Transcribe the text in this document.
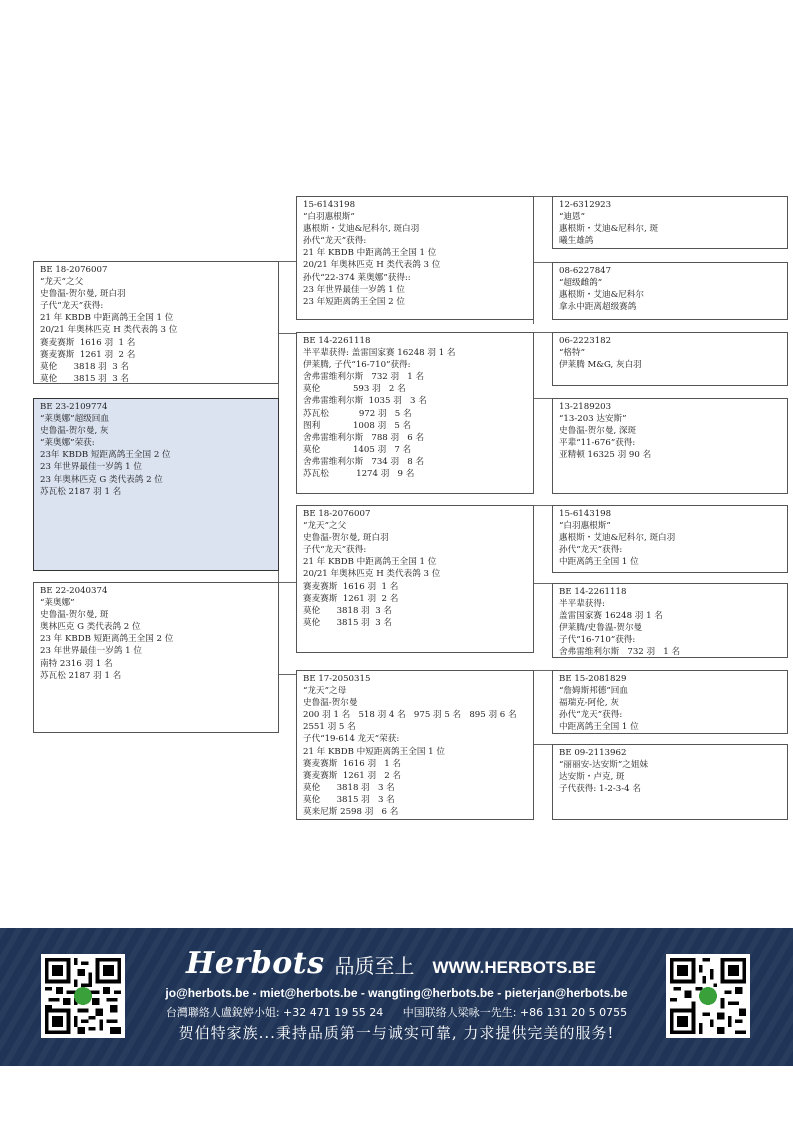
BE 18-2076007
“龙天”之父
史鲁温-贺尔曼, 斑白羽
子代“龙天”获得:
21 年 KBDB 中距离鸽王全国 1 位
20/21 年奥林匹克 H 类代表鸽 3 位
赛麦赛斯  1616 羽  1 名
赛麦赛斯  1261 羽  2 名
莫伦      3818 羽  3 名
莫伦      3815 羽  3 名
BE 23-2109774
“莱奥娜”超级回血
史鲁温-贺尔曼, 灰
“莱奥娜”荣获:
23年 KBDB 短距离鸽王全国 2 位
23 年世界最佳一岁鸽 1 位
23 年奥林匹克 G 类代表鸽 2 位
苏瓦松 2187 羽 1 名
BE 22-2040374
“莱奥娜”
史鲁温-贺尔曼, 斑
奥林匹克 G 类代表鸽 2 位
23 年 KBDB 短距离鸽王全国 2 位
23 年世界最佳一岁鸽 1 位
南特 2316 羽 1 名
苏瓦松 2187 羽 1 名
15-6143198
“白羽惠根斯”
惠根斯・艾迪&尼科尔, 斑白羽
孙代“龙天”获得:
21 年 KBDB 中距离鸽王全国 1 位
20/21 年奥林匹克 H 类代表鸽 3 位
孙代“22-374 莱奥娜”获得::
23 年世界最佳一岁鸽 1 位
23 年短距离鸽王全国 2 位
BE 14-2261118
半平辈获得: 盖雷国家赛 16248 羽 1 名
伊莱腾, 子代“16-710”获得:
舍弗雷维利尔斯   732 羽   1 名
莫伦            593 羽   2 名
舍弗雷维利尔斯  1035 羽   3 名
苏瓦松           972 羽   5 名
图利            1008 羽   5 名
舍弗雷维利尔斯   788 羽   6 名
莫伦            1405 羽   7 名
舍弗雷维利尔斯   734 羽   8 名
苏瓦松          1274 羽   9 名
BE 18-2076007
“龙天”之父
史鲁温-贺尔曼, 斑白羽
子代“龙天”获得:
21 年 KBDB 中距离鸽王全国 1 位
20/21 年奥林匹克 H 类代表鸽 3 位
赛麦赛斯  1616 羽  1 名
赛麦赛斯  1261 羽  2 名
莫伦      3818 羽  3 名
莫伦      3815 羽  3 名
BE 17-2050315
“龙天”之母
史鲁温-贺尔曼
200 羽 1 名   518 羽 4 名   975 羽 5 名   895 羽 6 名
2551 羽 5 名
子代“19-614 龙天”荣获:
21 年 KBDB 中短距离鸽王全国 1 位
赛麦赛斯  1616 羽   1 名
赛麦赛斯  1261 羽   2 名
莫伦      3818 羽   3 名
莫伦      3815 羽   3 名
莫来尼斯 2598 羽   6 名
12-6312923
“迪恩”
惠根斯・艾迪&尼科尔, 斑
曦生雄鸽
08-6227847
“超级雌鸽”
惠根斯・艾迪&尼科尔
拿永中距离超级赛鸽
06-2223182
“格特”
伊莱腾 M&G, 灰白羽
13-2189203
“13-203 达安斯”
史鲁温-贺尔曼, 深斑
平辈“11-676”获得:
亚精顿 16325 羽 90 名
15-6143198
“白羽惠根斯”
惠根斯・艾迪&尼科尔, 斑白羽
孙代“龙天”获得:
中距离鸽王全国 1 位
BE 14-2261118
半平辈获得:
盖雷国家赛 16248 羽 1 名
伊莱腾/史鲁温-贺尔曼
子代“16-710”获得:
舍弗雷维利尔斯   732 羽   1 名
BE 15-2081829
“詹姆斯邦德”回血
福瑞克-阿伦, 灰
孙代“龙天”获得:
中距离鸽王全国 1 位
BE 09-2113962
“丽丽安-达安斯”之姐妹
达安斯・卢克, 斑
子代获得: 1-2-3-4 名
Herbots 品质至上 WWW.HERBOTS.BE
jo@herbots.be - miet@herbots.be - wangting@herbots.be - pieterjan@herbots.be
台灣聯絡人盧銳婷小姐: +32 471 19 55 24 中国联络人梁咏一先生: +86 131 20 5 0755
贺伯特家族...秉持品质第一与诚实可靠, 力求提供完美的服务!
